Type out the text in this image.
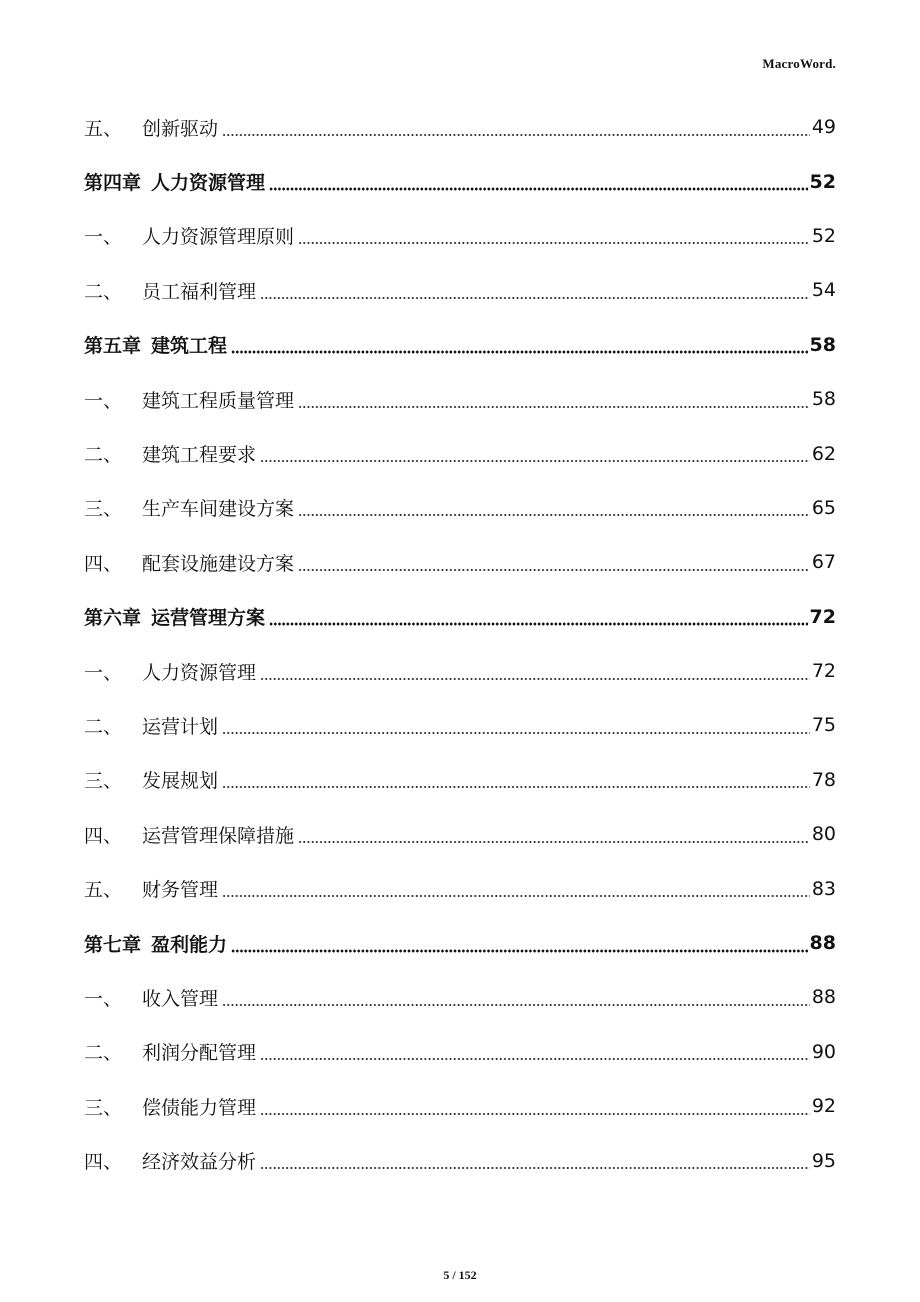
MacroWord.
五、	创新驱动	49
第四章 人力资源管理	52
一、	人力资源管理原则	52
二、	员工福利管理	54
第五章 建筑工程	58
一、	建筑工程质量管理	58
二、	建筑工程要求	62
三、	生产车间建设方案	65
四、	配套设施建设方案	67
第六章 运营管理方案	72
一、	人力资源管理	72
二、	运营计划	75
三、	发展规划	78
四、	运营管理保障措施	80
五、	财务管理	83
第七章 盈利能力	88
一、	收入管理	88
二、	利润分配管理	90
三、	偿债能力管理	92
四、	经济效益分析	95
5 / 152
